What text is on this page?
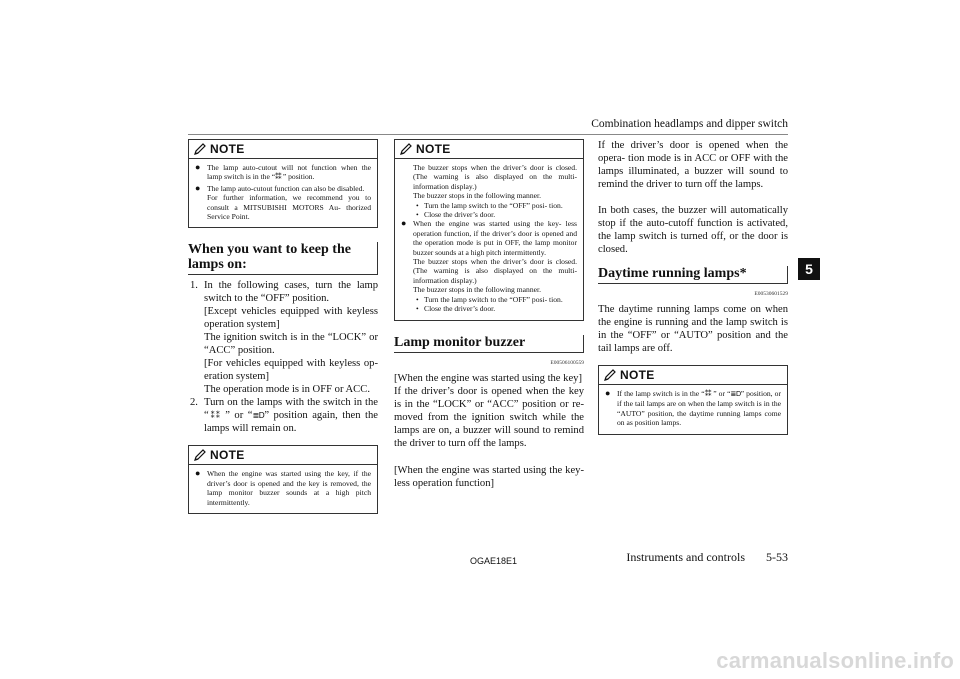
Combination headlamps and dipper switch
5
NOTE
● The lamp auto-cutout will not function when the lamp switch is in the “⁑⁑ ” position.
● The lamp auto-cutout function can also be disabled.

For further information, we recommend you to consult a MITSUBISHI MOTORS Au- thorized Service Point.

When you want to keep the lamps on:
1. In the following cases, turn the lamp switch to the “OFF” position.

[Except vehicles equipped with keyless operation system]

The ignition switch is in the “LOCK” or “ACC” position.

[For vehicles equipped with keyless op- eration system]

The operation mode is in OFF or ACC.

2. Turn on the lamps with the switch in the “⁑⁑ ” or “≣D” position again, then the lamps will remain on.
NOTE
● When the engine was started using the key, if the driver’s door is opened and the key is removed, the lamp monitor buzzer sounds at a high pitch intermittently.
NOTE

The buzzer stops when the driver’s door is closed. (The warning is also displayed on the multi-information display.)

The buzzer stops in the following manner.

• Turn the lamp switch to the “OFF” posi- tion.
• Close the driver’s door.
● When the engine was started using the key- less operation function, if the driver’s door is opened and the operation mode is put in OFF, the lamp monitor buzzer sounds at a high pitch intermittently.

The buzzer stops when the driver’s door is closed. (The warning is also displayed on the multi-information display.)

The buzzer stops in the following manner.

• Turn the lamp switch to the “OFF” posi- tion.
• Close the driver’s door.
Lamp monitor buzzer
E00506100559

[When the engine was started using the key]

If the driver’s door is opened when the key is in the “LOCK” or “ACC” position or re- moved from the ignition switch while the lamps are on, a buzzer will sound to remind the driver to turn off the lamps.

[When the engine was started using the key- less operation function]

If the driver’s door is opened when the opera- tion mode is in ACC or OFF with the lamps illuminated, a buzzer will sound to remind the driver to turn off the lamps.

In both cases, the buzzer will automatically stop if the auto-cutoff function is activated, the lamp switch is turned off, or the door is closed.

Daytime running lamps*
E00530601529

The daytime running lamps come on when the engine is running and the lamp switch is in the “OFF” or “AUTO” position and the tail lamps are off.

NOTE
● If the lamp switch is in the “⁑⁑ ” or “≣D” position, or if the tail lamps are on when the lamp switch is in the “AUTO” position, the daytime running lamps come on as position lamps.
OGAE18E1	Instruments and controls 5-53
carmanualsonline.info
